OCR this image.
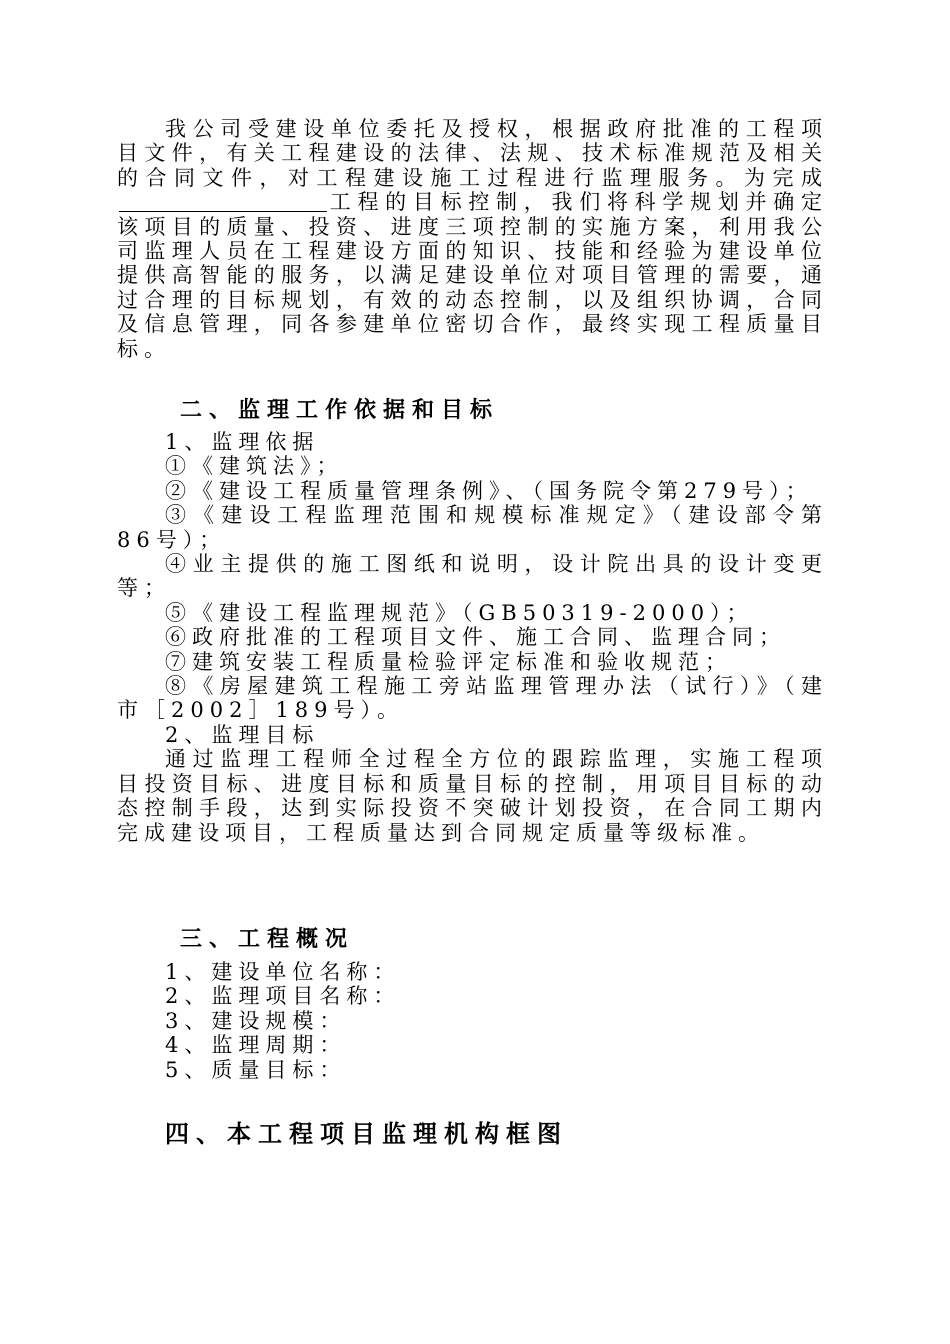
我公司受建设单位委托及授权，根据政府批准的工程项目文件，有关工程建设的法律、法规、技术标准规范及相关的合同文件，对工程建设施工过程进行监理服务。为完成工程的目标控制，我们将科学规划并确定该项目的质量、投资、进度三项控制的实施方案，利用我公司监理人员在工程建设方面的知识、技能和经验为建设单位提供高智能的服务，以满足建设单位对项目管理的需要，通过合理的目标规划，有效的动态控制，以及组织协调，合同及信息管理，同各参建单位密切合作，最终实现工程质量目标。

二、监理工作依据和目标
1、监理依据
①《建筑法》；
②《建设工程质量管理条例》、（国务院令第279号）；
③《建设工程监理范围和规模标准规定》（建设部令第86号）；
④业主提供的施工图纸和说明，设计院出具的设计变更等；
⑤《建设工程监理规范》（GB50319-2000）；
⑥政府批准的工程项目文件、施工合同、监理合同；
⑦建筑安装工程质量检验评定标准和验收规范；
⑧《房屋建筑工程施工旁站监理管理办法（试行）》（建市［2002］189号）。
2、监理目标
通过监理工程师全过程全方位的跟踪监理，实施工程项目投资目标、进度目标和质量目标的控制，用项目目标的动态控制手段，达到实际投资不突破计划投资，在合同工期内完成建设项目，工程质量达到合同规定质量等级标准。
三、工程概况
1、建设单位名称：
2、监理项目名称：
3、建设规模：
4、监理周期：
5、质量目标：
四、本工程项目监理机构框图
